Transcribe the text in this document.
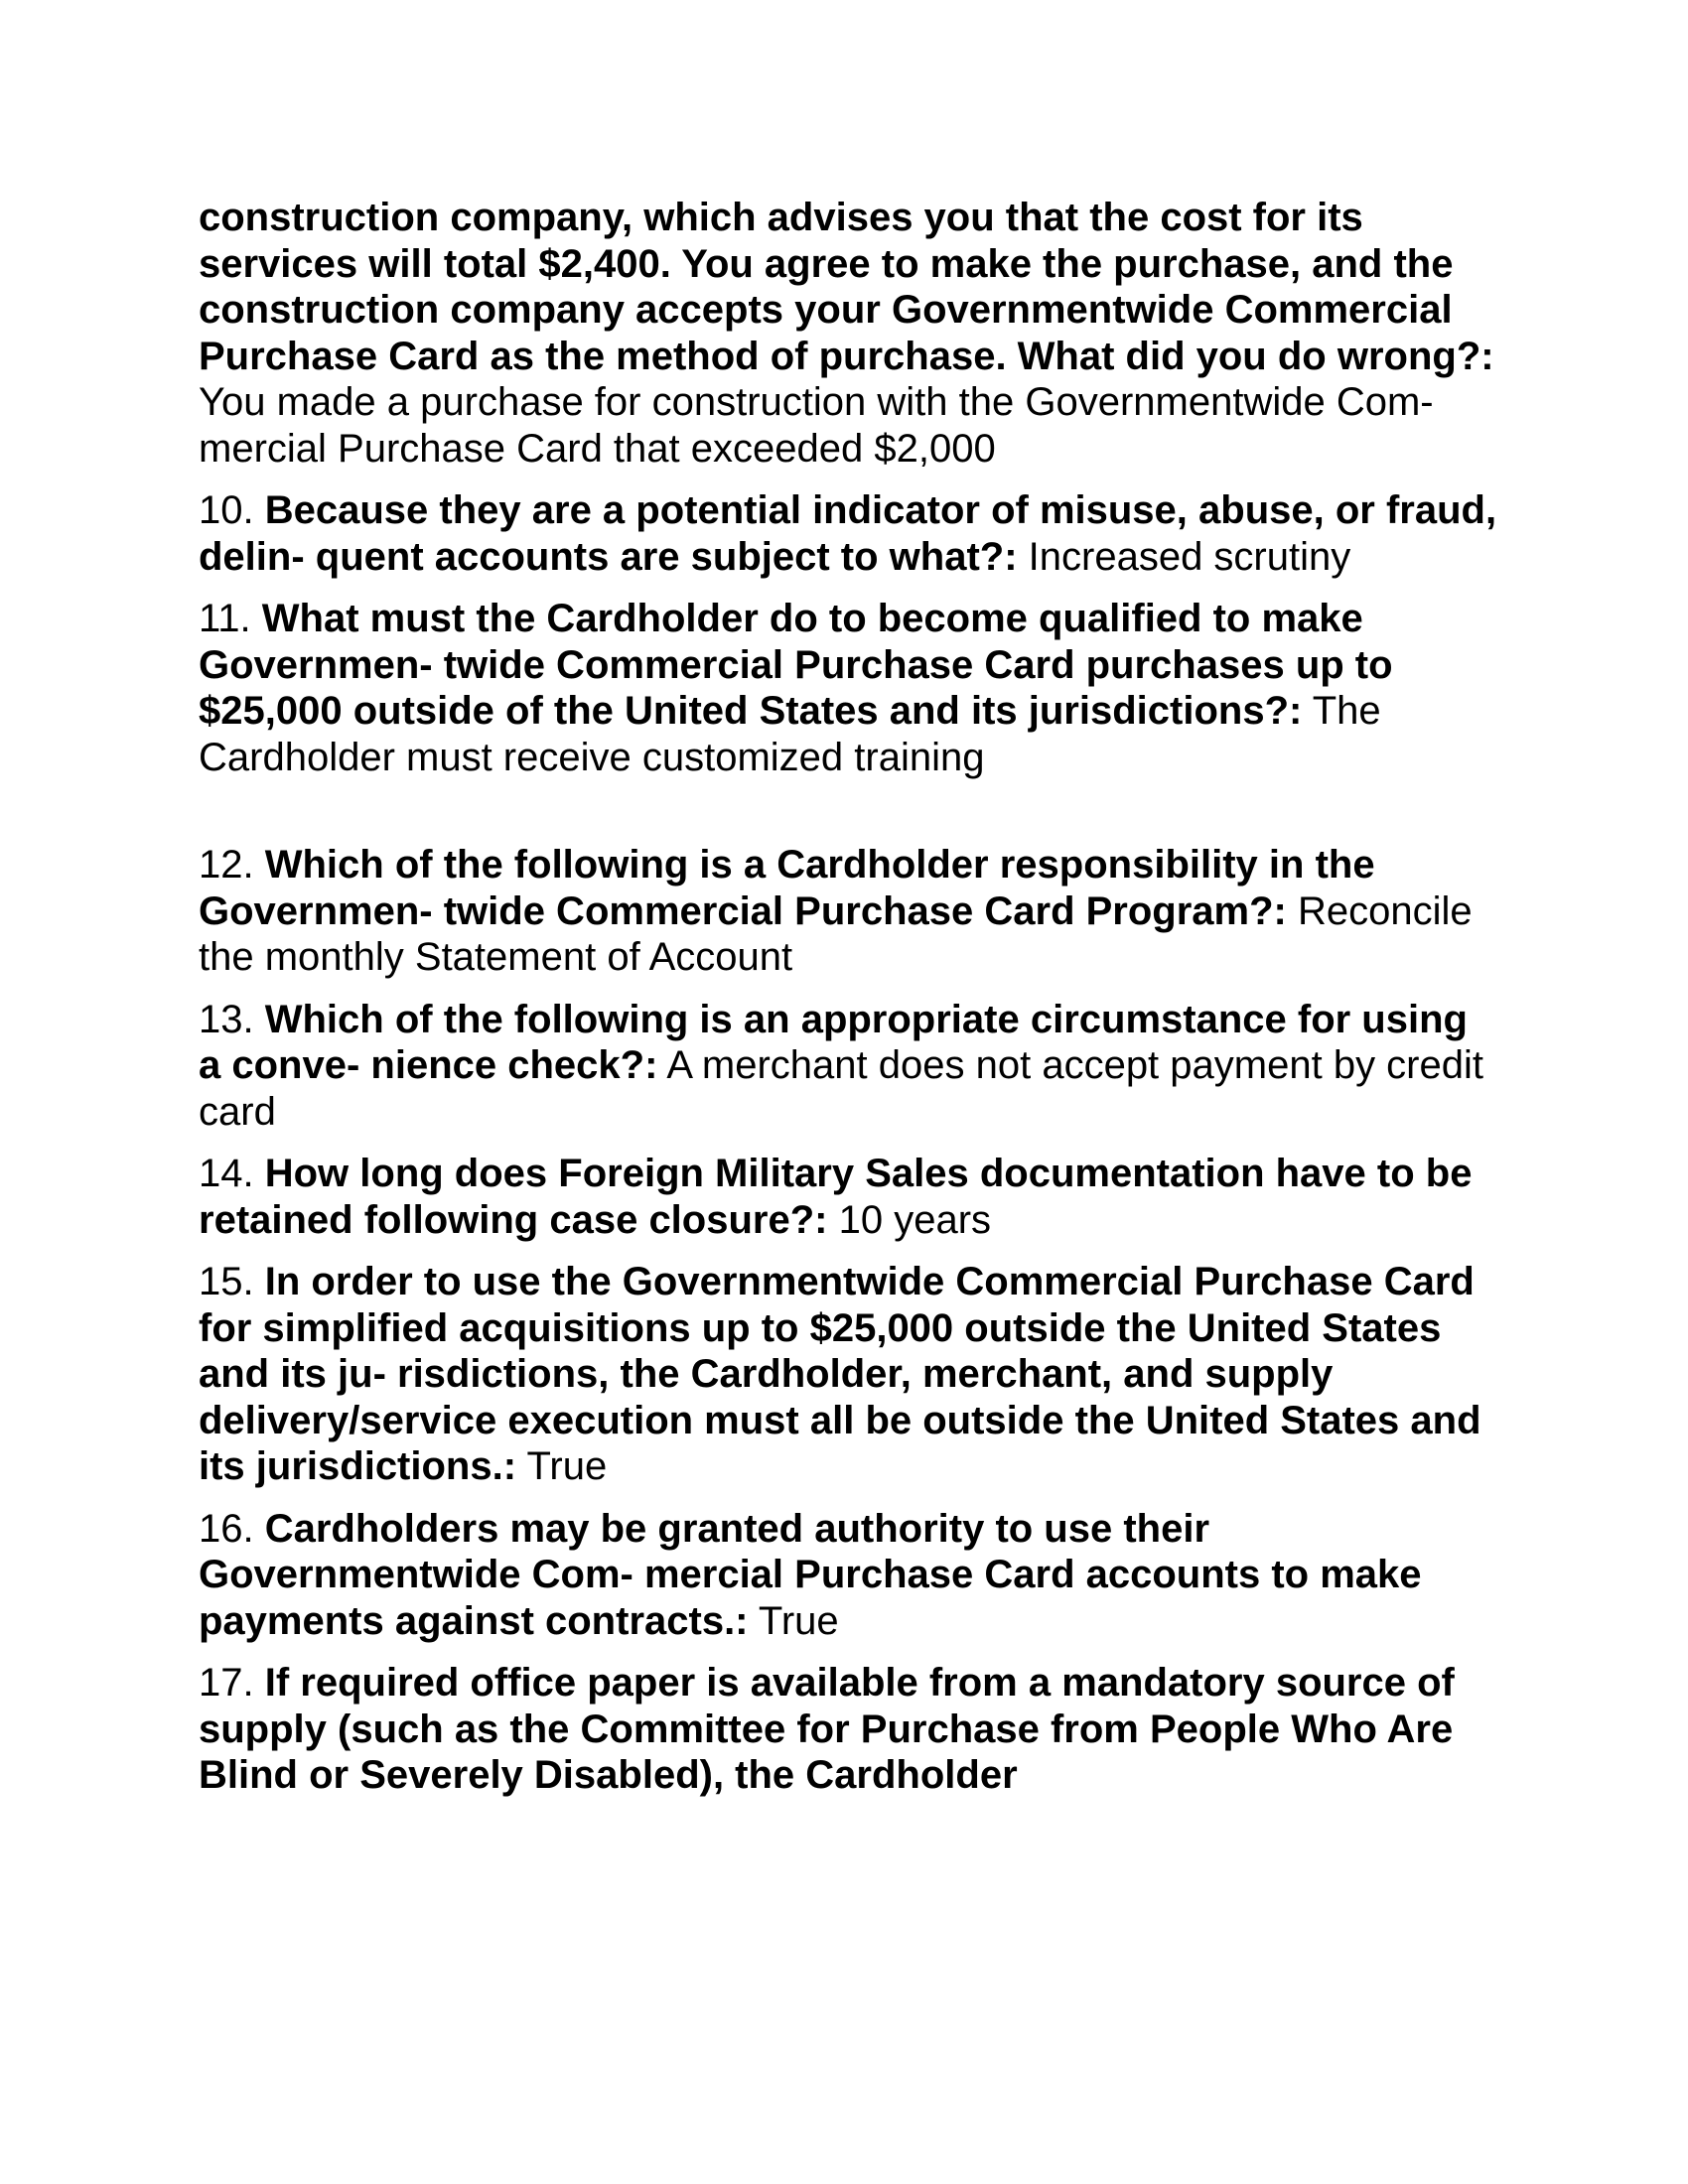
construction company, which advises you that the cost for its services will total $2,400. You agree to make the purchase, and the construction company accepts your Governmentwide Commercial Purchase Card as the method of purchase. What did you do wrong?: You made a purchase for construction with the Governmentwide Com- mercial Purchase Card that exceeded $2,000

10. Because they are a potential indicator of misuse, abuse, or fraud, delin- quent accounts are subject to what?: Increased scrutiny

11. What must the Cardholder do to become qualified to make Governmen- twide Commercial Purchase Card purchases up to $25,000 outside of the United States and its jurisdictions?: The Cardholder must receive customized training

12. Which of the following is a Cardholder responsibility in the Governmen- twide Commercial Purchase Card Program?: Reconcile the monthly Statement of Account

13. Which of the following is an appropriate circumstance for using a conve- nience check?: A merchant does not accept payment by credit card

14. How long does Foreign Military Sales documentation have to be retained following case closure?: 10 years

15. In order to use the Governmentwide Commercial Purchase Card for simplified acquisitions up to $25,000 outside the United States and its ju- risdictions, the Cardholder, merchant, and supply delivery/service execution must all be outside the United States and its jurisdictions.: True

16. Cardholders may be granted authority to use their Governmentwide Com- mercial Purchase Card accounts to make payments against contracts.: True

17. If required office paper is available from a mandatory source of supply (such as the Committee for Purchase from People Who Are Blind or Severely Disabled), the Cardholder
